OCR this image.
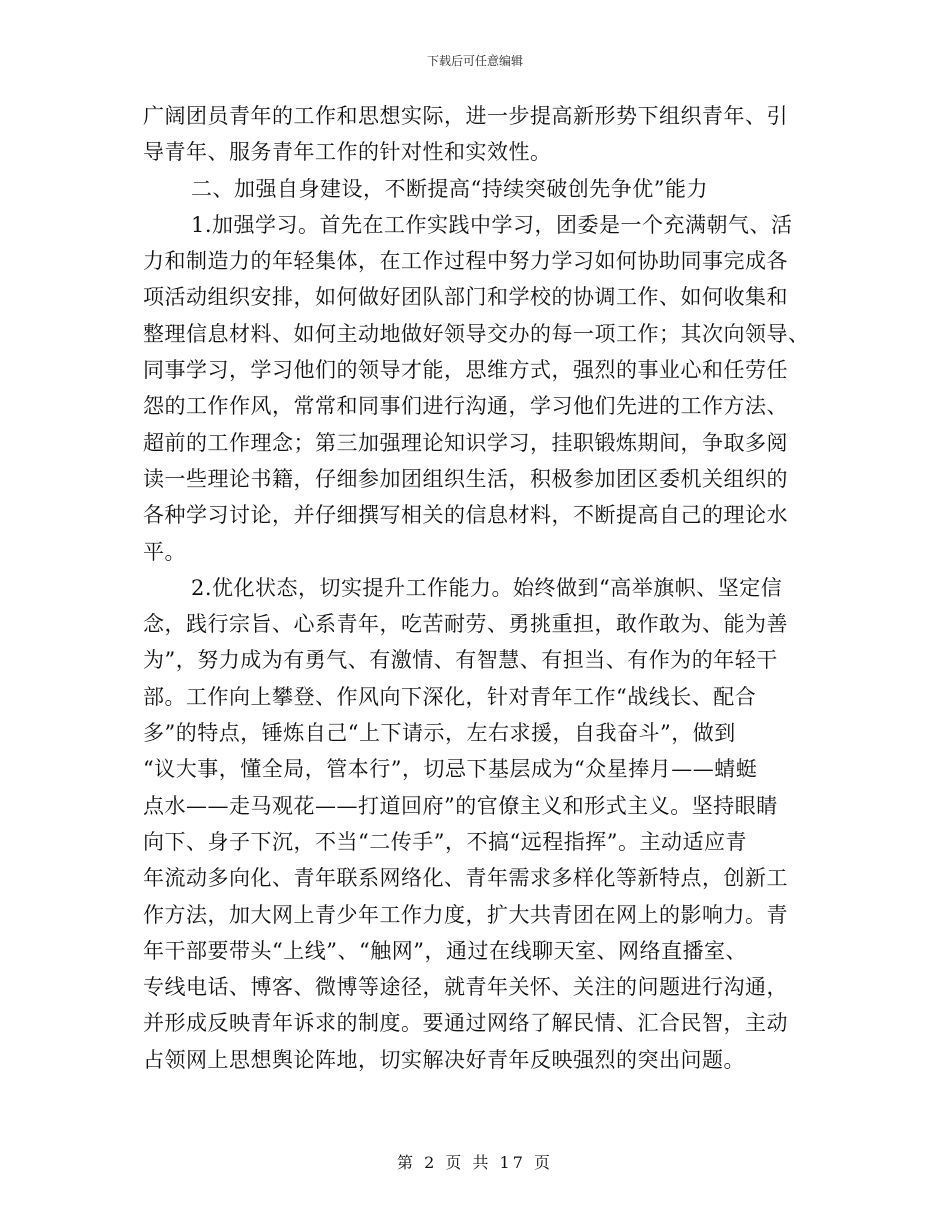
下载后可任意编辑
广阔团员青年的工作和思想实际，进一步提高新形势下组织青年、引
导青年、服务青年工作的针对性和实效性。
二、加强自身建设，不断提高“持续突破创先争优”能力
1.加强学习。首先在工作实践中学习，团委是一个充满朝气、活
力和制造力的年轻集体，在工作过程中努力学习如何协助同事完成各
项活动组织安排，如何做好团队部门和学校的协调工作、如何收集和
整理信息材料、如何主动地做好领导交办的每一项工作；其次向领导、
同事学习，学习他们的领导才能，思维方式，强烈的事业心和任劳任
怨的工作作风，常常和同事们进行沟通，学习他们先进的工作方法、
超前的工作理念；第三加强理论知识学习，挂职锻炼期间，争取多阅
读一些理论书籍，仔细参加团组织生活，积极参加团区委机关组织的
各种学习讨论，并仔细撰写相关的信息材料，不断提高自己的理论水
平。
2.优化状态，切实提升工作能力。始终做到“高举旗帜、坚定信
念，践行宗旨、心系青年，吃苦耐劳、勇挑重担，敢作敢为、能为善
为”，努力成为有勇气、有激情、有智慧、有担当、有作为的年轻干
部。工作向上攀登、作风向下深化，针对青年工作“战线长、配合
多”的特点，锤炼自己“上下请示，左右求援，自我奋斗”，做到
“议大事，懂全局，管本行”，切忌下基层成为“众星捧月——蜻蜓
点水——走马观花——打道回府”的官僚主义和形式主义。坚持眼睛
向下、身子下沉，不当“二传手”，不搞“远程指挥”。主动适应青
年流动多向化、青年联系网络化、青年需求多样化等新特点，创新工
作方法，加大网上青少年工作力度，扩大共青团在网上的影响力。青
年干部要带头“上线”、“触网”，通过在线聊天室、网络直播室、
专线电话、博客、微博等途径，就青年关怀、关注的问题进行沟通，
并形成反映青年诉求的制度。要通过网络了解民情、汇合民智，主动
占领网上思想舆论阵地，切实解决好青年反映强烈的突出问题。
第 2 页 共 17 页
